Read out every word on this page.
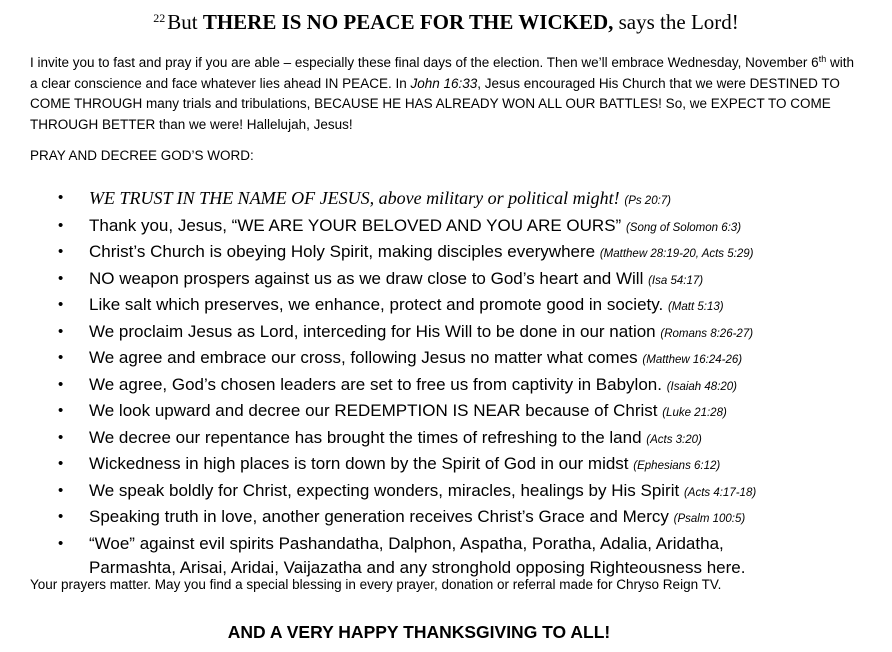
$^{22}$But THERE IS NO PEACE FOR THE WICKED, says the Lord!

I invite you to fast and pray if you are able – especially these final days of the election. Then we’ll embrace Wednesday, November 6th with a clear conscience and face whatever lies ahead IN PEACE. In John 16:33, Jesus encouraged His Church that we were DESTINED TO COME THROUGH many trials and tribulations, BECAUSE HE HAS ALREADY WON ALL OUR BATTLES! So, we EXPECT TO COME THROUGH BETTER than we were! Hallelujah, Jesus!

PRAY AND DECREE GOD’S WORD:
• WE TRUST IN THE NAME OF JESUS, above military or political might! (Ps 20:7)
• Thank you, Jesus, “WE ARE YOUR BELOVED AND YOU ARE OURS” (Song of Solomon 6:3)
• Christ’s Church is obeying Holy Spirit, making disciples everywhere (Matthew 28:19-20, Acts 5:29)
• NO weapon prospers against us as we draw close to God’s heart and Will (Isa 54:17)
• Like salt which preserves, we enhance, protect and promote good in society. (Matt 5:13)
• We proclaim Jesus as Lord, interceding for His Will to be done in our nation (Romans 8:26-27)
• We agree and embrace our cross, following Jesus no matter what comes (Matthew 16:24-26)
• We agree, God’s chosen leaders are set to free us from captivity in Babylon. (Isaiah 48:20)
• We look upward and decree our REDEMPTION IS NEAR because of Christ (Luke 21:28)
• We decree our repentance has brought the times of refreshing to the land (Acts 3:20)
• Wickedness in high places is torn down by the Spirit of God in our midst (Ephesians 6:12)
• We speak boldly for Christ, expecting wonders, miracles, healings by His Spirit (Acts 4:17-18)
• Speaking truth in love, another generation receives Christ’s Grace and Mercy (Psalm 100:5)
• “Woe” against evil spirits Pashandatha, Dalphon, Aspatha, Poratha, Adalia, Aridatha, Parmashta, Arisai, Aridai, Vaijazatha and any stronghold opposing Righteousness here.
Your prayers matter. May you find a special blessing in every prayer, donation or referral made for Chryso Reign TV.
AND A VERY HAPPY THANKSGIVING TO ALL!
